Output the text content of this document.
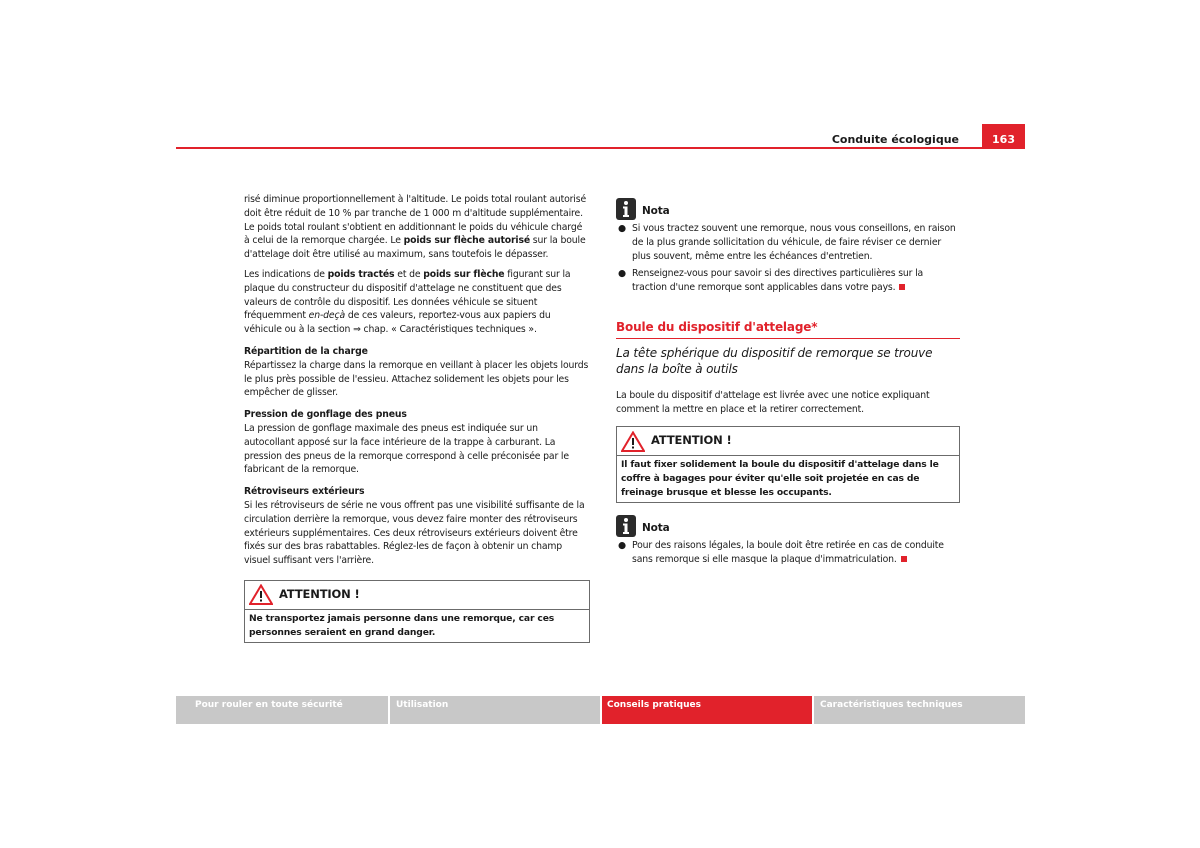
Conduite écologique	163

risé diminue proportionnellement à l'altitude. Le poids total roulant autorisé doit être réduit de 10 % par tranche de 1 000 m d'altitude supplémentaire. Le poids total roulant s'obtient en additionnant le poids du véhicule chargé à celui de la remorque chargée. Le poids sur flèche autorisé sur la boule d'attelage doit être utilisé au maximum, sans toutefois le dépasser.

Les indications de poids tractés et de poids sur flèche figurant sur la plaque du constructeur du dispositif d'attelage ne constituent que des valeurs de contrôle du dispositif. Les données véhicule se situent fréquemment en-deçà de ces valeurs, reportez-vous aux papiers du véhicule ou à la section ⇒ chap. « Caractéristiques techniques ».

Répartition de la charge

Répartissez la charge dans la remorque en veillant à placer les objets lourds le plus près possible de l'essieu. Attachez solidement les objets pour les empêcher de glisser.

Pression de gonflage des pneus

La pression de gonflage maximale des pneus est indiquée sur un autocollant apposé sur la face intérieure de la trappe à carburant. La pression des pneus de la remorque correspond à celle préconisée par le fabricant de la remorque.

Rétroviseurs extérieurs

Si les rétroviseurs de série ne vous offrent pas une visibilité suffisante de la circulation derrière la remorque, vous devez faire monter des rétroviseurs extérieurs supplémentaires. Ces deux rétroviseurs extérieurs doivent être fixés sur des bras rabattables. Réglez-les de façon à obtenir un champ visuel suffisant vers l'arrière.

ATTENTION !
Ne transportez jamais personne dans une remorque, car ces personnes seraient en grand danger.
Nota
● Si vous tractez souvent une remorque, nous vous conseillons, en raison de la plus grande sollicitation du véhicule, de faire réviser ce dernier plus souvent, même entre les échéances d'entretien.
● Renseignez-vous pour savoir si des directives particulières sur la traction d'une remorque sont applicables dans votre pays.
Boule du dispositif d'attelage*
La tête sphérique du dispositif de remorque se trouve dans la boîte à outils

La boule du dispositif d'attelage est livrée avec une notice expliquant comment la mettre en place et la retirer correctement.

ATTENTION !
Il faut fixer solidement la boule du dispositif d'attelage dans le coffre à bagages pour éviter qu'elle soit projetée en cas de freinage brusque et blesse les occupants.
Nota
● Pour des raisons légales, la boule doit être retirée en cas de conduite sans remorque si elle masque la plaque d'immatriculation.
Pour rouler en toute sécurité	Utilisation	Conseils pratiques	Caractéristiques techniques
